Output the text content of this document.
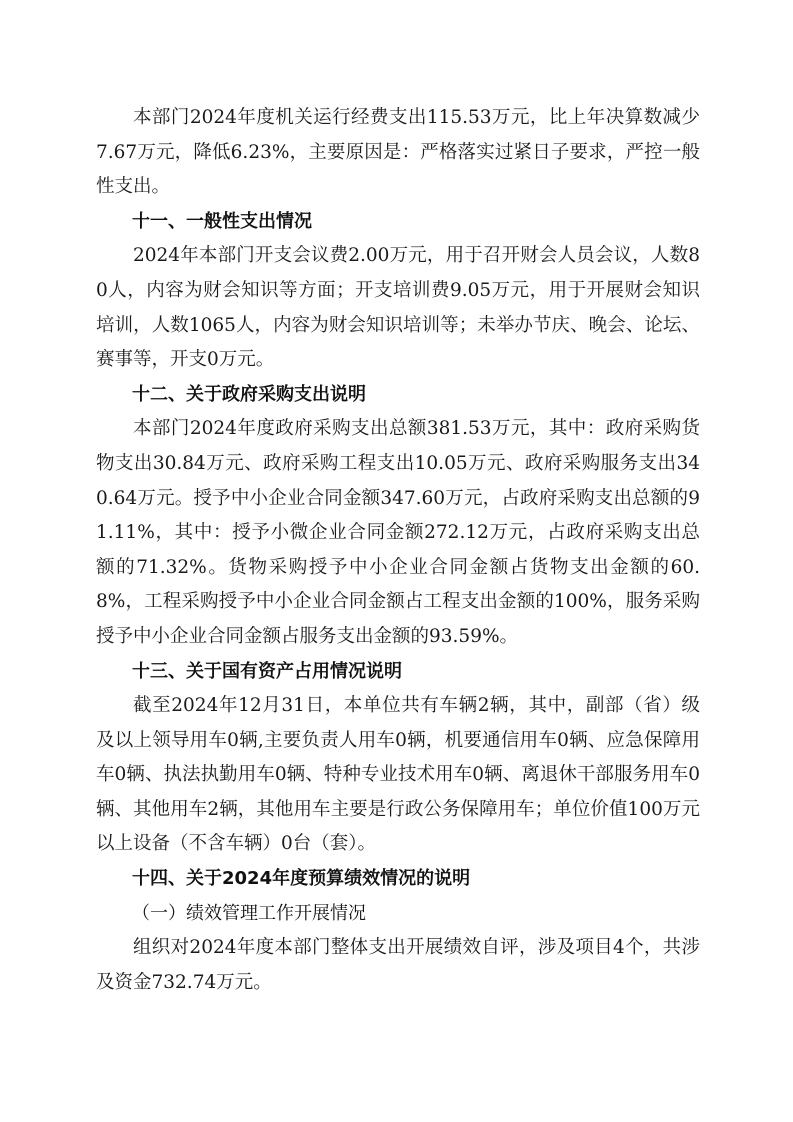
本部门2024年度机关运行经费支出115.53万元，比上年决算数减少7.67万元，降低6.23%，主要原因是：严格落实过紧日子要求，严控一般性支出。

十一、一般性支出情况

2024年本部门开支会议费2.00万元，用于召开财会人员会议，人数80人，内容为财会知识等方面；开支培训费9.05万元，用于开展财会知识培训，人数1065人，内容为财会知识培训等；未举办节庆、晚会、论坛、赛事等，开支0万元。

十二、关于政府采购支出说明

本部门2024年度政府采购支出总额381.53万元，其中：政府采购货物支出30.84万元、政府采购工程支出10.05万元、政府采购服务支出340.64万元。授予中小企业合同金额347.60万元，占政府采购支出总额的91.11%，其中：授予小微企业合同金额272.12万元，占政府采购支出总额的71.32%。货物采购授予中小企业合同金额占货物支出金额的60.8%，工程采购授予中小企业合同金额占工程支出金额的100%，服务采购授予中小企业合同金额占服务支出金额的93.59%。

十三、关于国有资产占用情况说明

截至2024年12月31日，本单位共有车辆2辆，其中，副部（省）级及以上领导用车0辆,主要负责人用车0辆，机要通信用车0辆、应急保障用车0辆、执法执勤用车0辆、特种专业技术用车0辆、离退休干部服务用车0辆、其他用车2辆，其他用车主要是行政公务保障用车；单位价值100万元以上设备（不含车辆）0台（套）。

十四、关于2024年度预算绩效情况的说明

（一）绩效管理工作开展情况

组织对2024年度本部门整体支出开展绩效自评，涉及项目4个，共涉及资金732.74万元。
